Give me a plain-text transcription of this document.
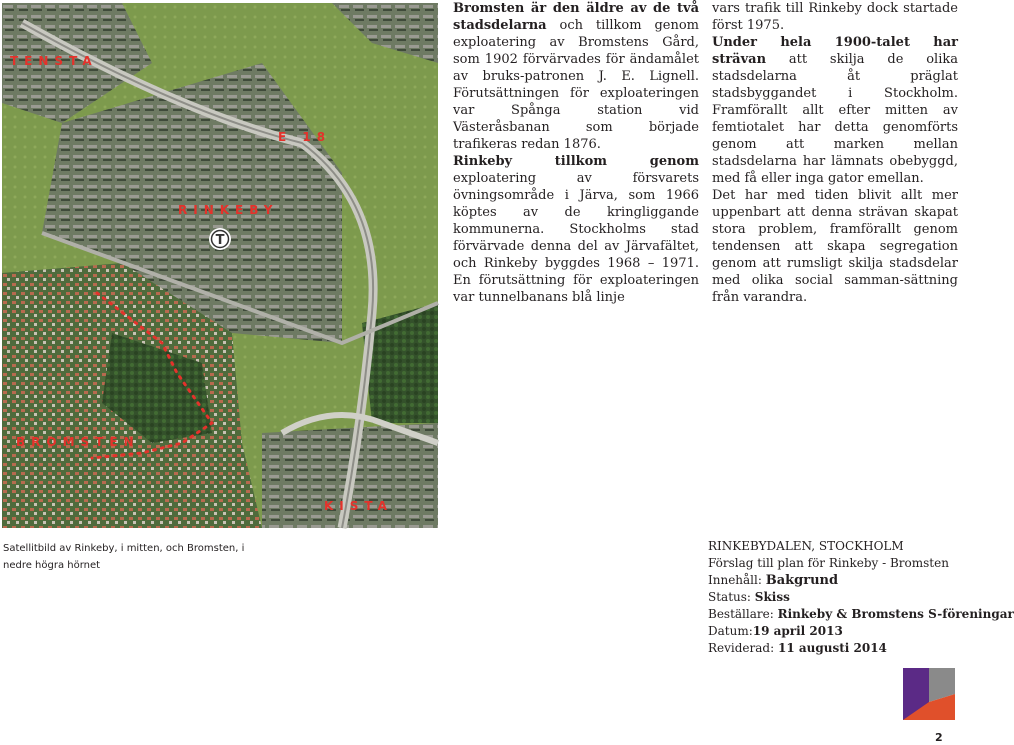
T
TENSTA
E 18
RINKEBY
BROMSTEN
KISTA

Bromsten är den äldre av de två stadsdelarna och tillkom genom exploatering av Bromstens Gård, som 1902 förvärvades för ändamålet av bruks-patronen J. E. Lignell. Förutsättningen för exploateringen var Spånga station vid Västeråsbanan som började trafikeras redan 1876.

Rinkeby tillkom genom exploatering av försvarets övningsområde i Järva, som 1966 köptes av de kringliggande kommunerna. Stockholms stad förvärvade denna del av Järvafältet, och Rinkeby byggdes 1968 – 1971. En förutsättning för exploateringen var tunnelbanans blå linje

vars trafik till Rinkeby dock startade först 1975.

Under hela 1900-talet har strävan att skilja de olika stadsdelarna åt präglat stadsbyggandet i Stockholm. Framförallt allt efter mitten av femtiotalet har detta genomförts genom att marken mellan stadsdelarna har lämnats obebyggd, med få eller inga gator emellan.

Det har med tiden blivit allt mer uppenbart att denna strävan skapat stora problem, framförallt genom tendensen att skapa segregation genom att rumsligt skilja stadsdelar med olika social samman-sättning från varandra.

Satellitbild av Rinkeby, i mitten, och Bromsten, i nedre högra hörnet
RINKEBYDALEN, STOCKHOLM
Förslag till plan för Rinkeby - Bromsten
Innehåll: Bakgrund
Status: Skiss
Beställare: Rinkeby & Bromstens S-föreningar
Datum:19 april 2013
Reviderad: 11 augusti 2014
2
